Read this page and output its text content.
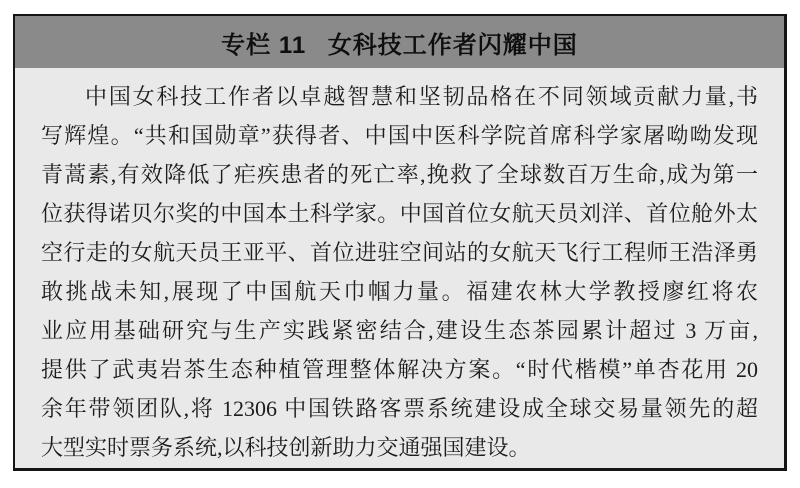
专栏 11 女科技工作者闪耀中国
中国女科技工作者以卓越智慧和坚韧品格在不同领域贡献力量,书
写辉煌。“共和国勋章”获得者、中国中医科学院首席科学家屠呦呦发现
青蒿素,有效降低了疟疾患者的死亡率,挽救了全球数百万生命,成为第一
位获得诺贝尔奖的中国本土科学家。中国首位女航天员刘洋、首位舱外太
空行走的女航天员王亚平、首位进驻空间站的女航天飞行工程师王浩泽勇
敢挑战未知,展现了中国航天巾帼力量。福建农林大学教授廖红将农
业应用基础研究与生产实践紧密结合,建设生态茶园累计超过 3 万亩,
提供了武夷岩茶生态种植管理整体解决方案。“时代楷模”单杏花用 20
余年带领团队,将 12306 中国铁路客票系统建设成全球交易量领先的超
大型实时票务系统,以科技创新助力交通强国建设。
